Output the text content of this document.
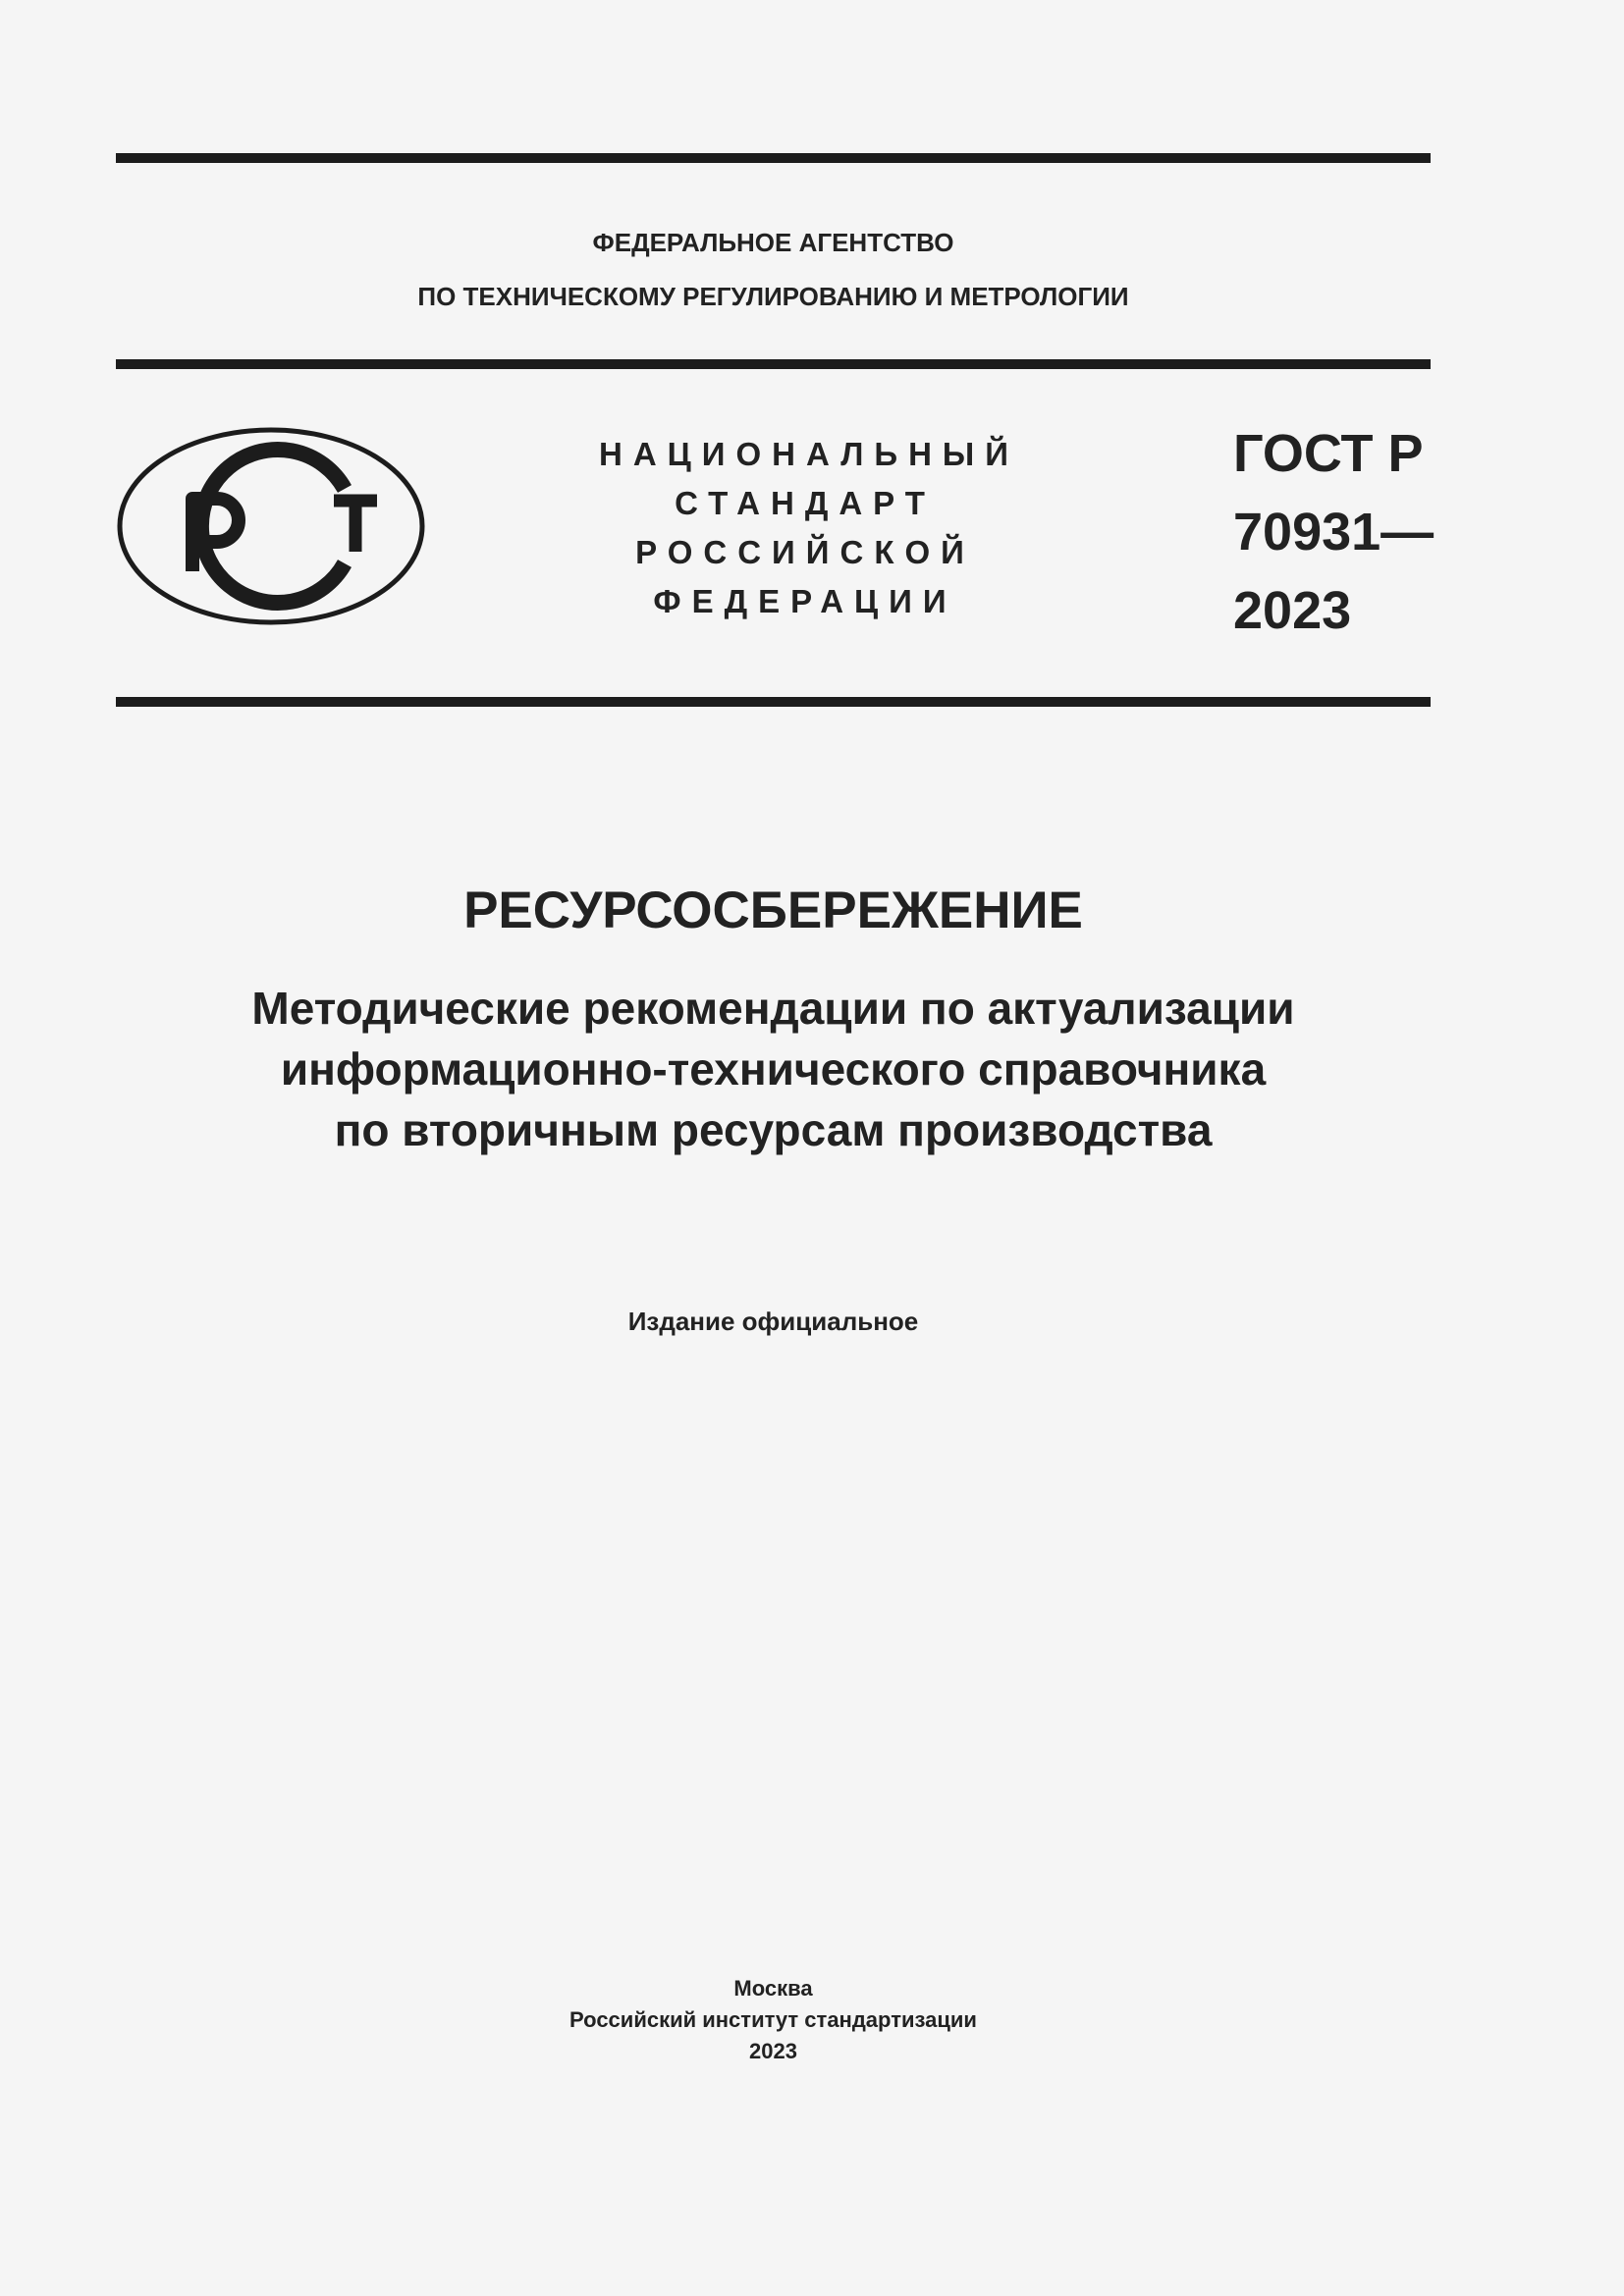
ФЕДЕРАЛЬНОЕ АГЕНТСТВО
ПО ТЕХНИЧЕСКОМУ РЕГУЛИРОВАНИЮ И МЕТРОЛОГИИ
НАЦИОНАЛЬНЫЙ
СТАНДАРТ
РОССИЙСКОЙ
ФЕДЕРАЦИИ
ГОСТ Р
70931—
2023
РЕСУРСОСБЕРЕЖЕНИЕ
Методические рекомендации по актуализации
информационно-технического справочника
по вторичным ресурсам производства
Издание официальное
Москва
Российский институт стандартизации
2023
